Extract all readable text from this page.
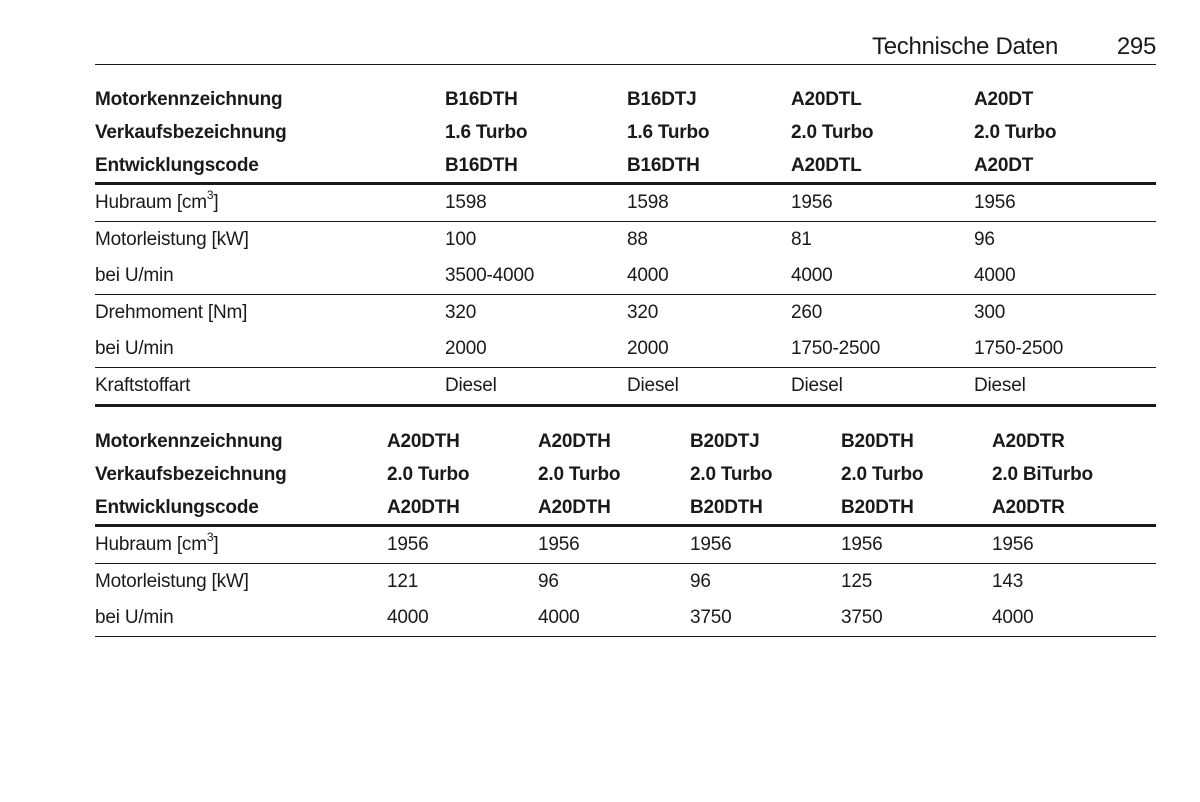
Technische Daten 295
Motorkennzeichnung	B16DTH	B16DTJ	A20DTL	A20DT
Verkaufsbezeichnung	1.6 Turbo	1.6 Turbo	2.0 Turbo	2.0 Turbo
Entwicklungscode	B16DTH	B16DTH	A20DTL	A20DT
Hubraum $[cm^3]$	1598	1598	1956	1956
Motorleistung [kW]	100	88	81	96
bei U/min	3500-4000	4000	4000	4000
Drehmoment [Nm]	320	320	260	300
bei U/min	2000	2000	1750-2500	1750-2500
Kraftstoffart	Diesel	Diesel	Diesel	Diesel
Motorkennzeichnung	A20DTH	A20DTH	B20DTJ	B20DTH	A20DTR
Verkaufsbezeichnung	2.0 Turbo	2.0 Turbo	2.0 Turbo	2.0 Turbo	2.0 BiTurbo
Entwicklungscode	A20DTH	A20DTH	B20DTH	B20DTH	A20DTR
Hubraum $[cm^3]$	1956	1956	1956	1956	1956
Motorleistung [kW]	121	96	96	125	143
bei U/min	4000	4000	3750	3750	4000
